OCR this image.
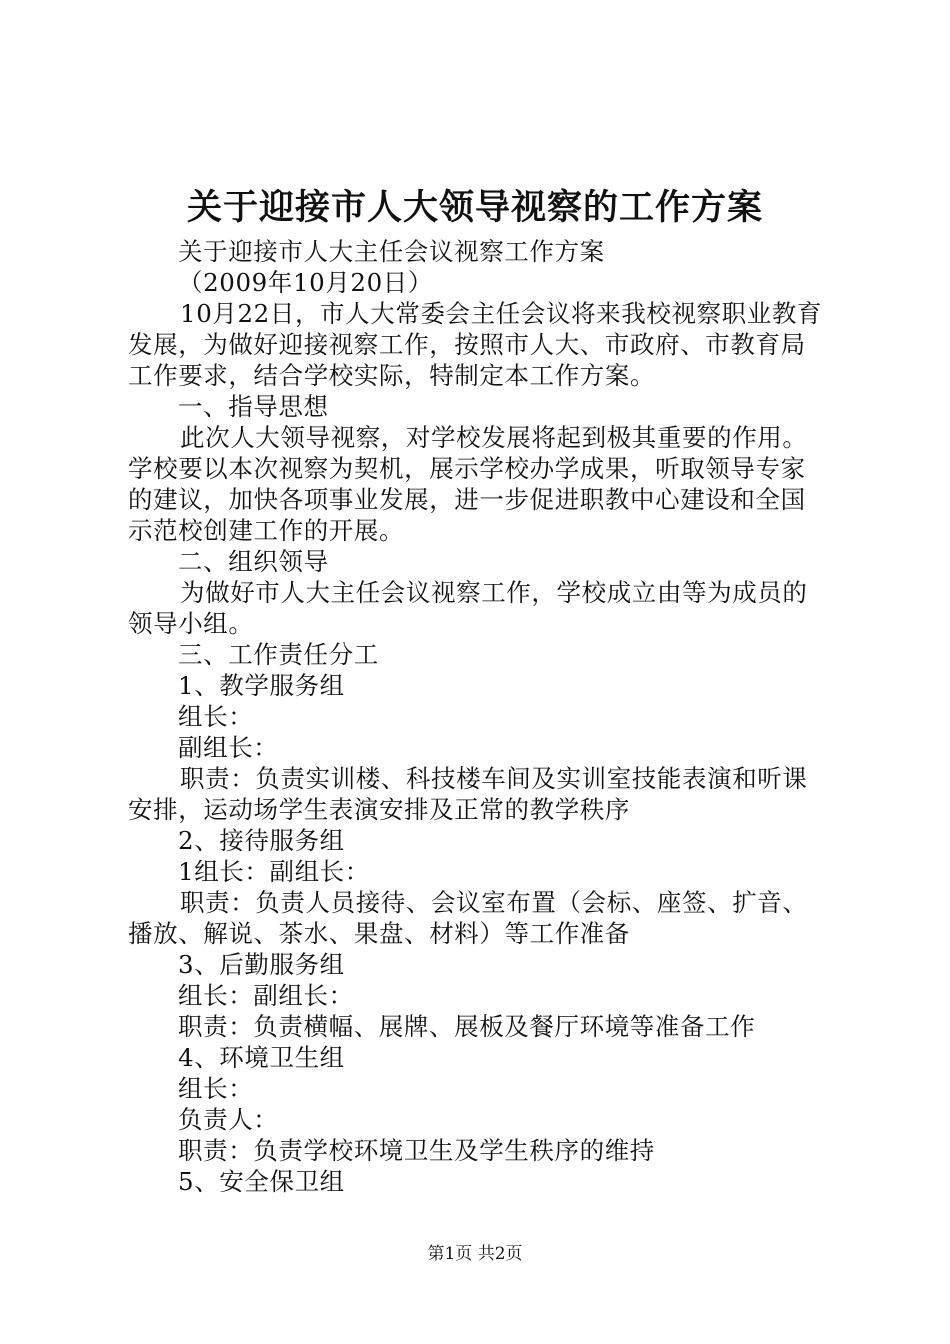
关于迎接市人大领导视察的工作方案

关于迎接市人大主任会议视察工作方案

（2009年10月20日）

10月22日，市人大常委会主任会议将来我校视察职业教育

发展，为做好迎接视察工作，按照市人大、市政府、市教育局

工作要求，结合学校实际，特制定本工作方案。

一、指导思想

此次人大领导视察，对学校发展将起到极其重要的作用。

学校要以本次视察为契机，展示学校办学成果，听取领导专家

的建议，加快各项事业发展，进一步促进职教中心建设和全国

示范校创建工作的开展。

二、组织领导

为做好市人大主任会议视察工作，学校成立由等为成员的

领导小组。

三、工作责任分工

1、教学服务组

组长：

副组长：

职责：负责实训楼、科技楼车间及实训室技能表演和听课

安排，运动场学生表演安排及正常的教学秩序

2、接待服务组

1组长：副组长：

职责：负责人员接待、会议室布置（会标、座签、扩音、

播放、解说、茶水、果盘、材料）等工作准备

3、后勤服务组

组长：副组长：

职责：负责横幅、展牌、展板及餐厅环境等准备工作

4、环境卫生组

组长：

负责人：

职责：负责学校环境卫生及学生秩序的维持

5、安全保卫组

第1页 共2页
